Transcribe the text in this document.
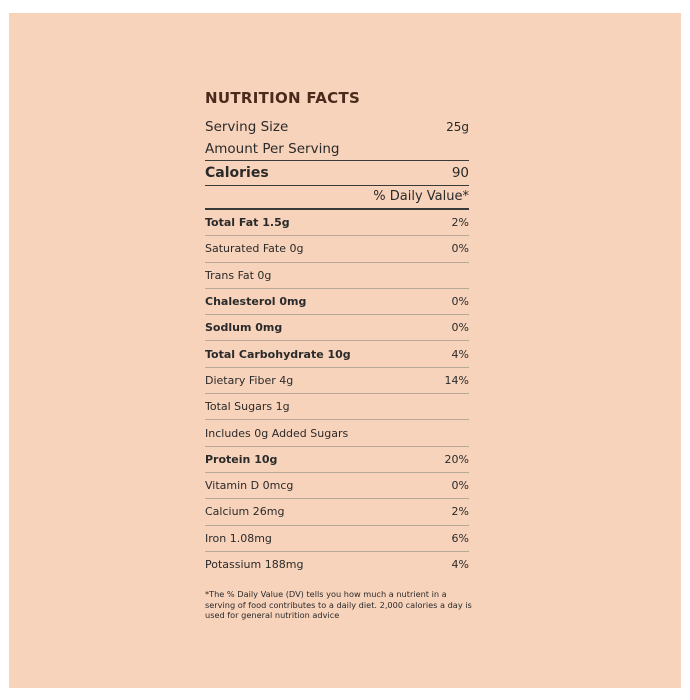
NUTRITION FACTS
Serving Size	25g
Amount Per Serving
Calories	90
% Daily Value*
Total Fat 1.5g	2%
Saturated Fate 0g	0%
Trans Fat 0g
Chalesterol 0mg	0%
Sodlum 0mg	0%
Total Carbohydrate 10g	4%
Dietary Fiber 4g	14%
Total Sugars 1g
Includes 0g Added Sugars
Protein 10g	20%
Vitamin D 0mcg	0%
Calcium 26mg	2%
Iron 1.08mg	6%
Potassium 188mg	4%
*The % Daily Value (DV) tells you how much a nutrient in a serving of food contributes to a daily diet. 2,000 calories a day is used for general nutrition advice
